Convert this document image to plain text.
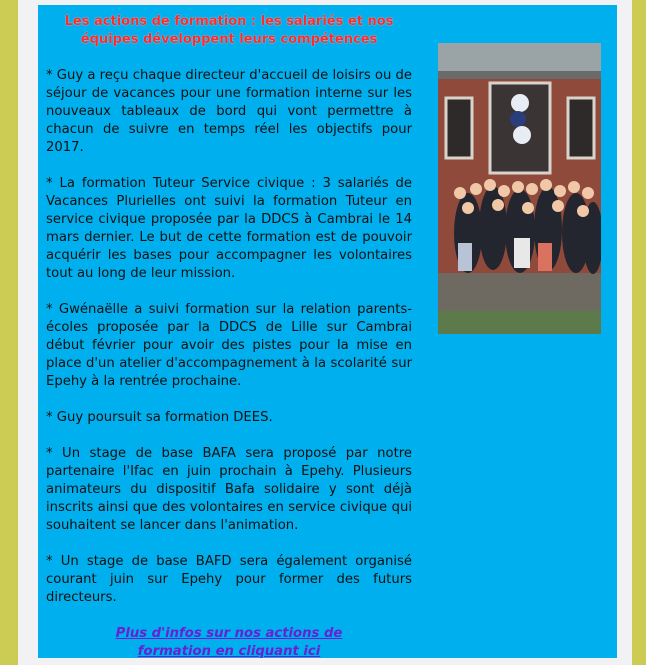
Les actions de formation : les salariés et nos équipes développent leurs compétences

* Guy a reçu chaque directeur d'accueil de loisirs ou de séjour de vacances pour une formation interne sur les nouveaux tableaux de bord qui vont permettre à chacun de suivre en temps réel les objectifs pour 2017.

* La formation Tuteur Service civique : 3 salariés de Vacances Plurielles ont suivi la formation Tuteur en service civique proposée par la DDCS à Cambrai le 14 mars dernier. Le but de cette formation est de pouvoir acquérir les bases pour accompagner les volontaires tout au long de leur mission.

* Gwénaëlle a suivi formation sur la relation parents-écoles proposée par la DDCS de Lille sur Cambrai début février pour avoir des pistes pour la mise en place d'un atelier d'accompagnement à la scolarité sur Epehy à la rentrée prochaine.

* Guy poursuit sa formation DEES.

* Un stage de base BAFA sera proposé par notre partenaire l'Ifac en juin prochain à Epehy. Plusieurs animateurs du dispositif Bafa solidaire y sont déjà inscrits ainsi que des volontaires en service civique qui souhaitent se lancer dans l'animation.

* Un stage de base BAFD sera également organisé courant juin sur Epehy pour former des futurs directeurs.

Plus d'infos sur nos actions de formation en cliquant ici
